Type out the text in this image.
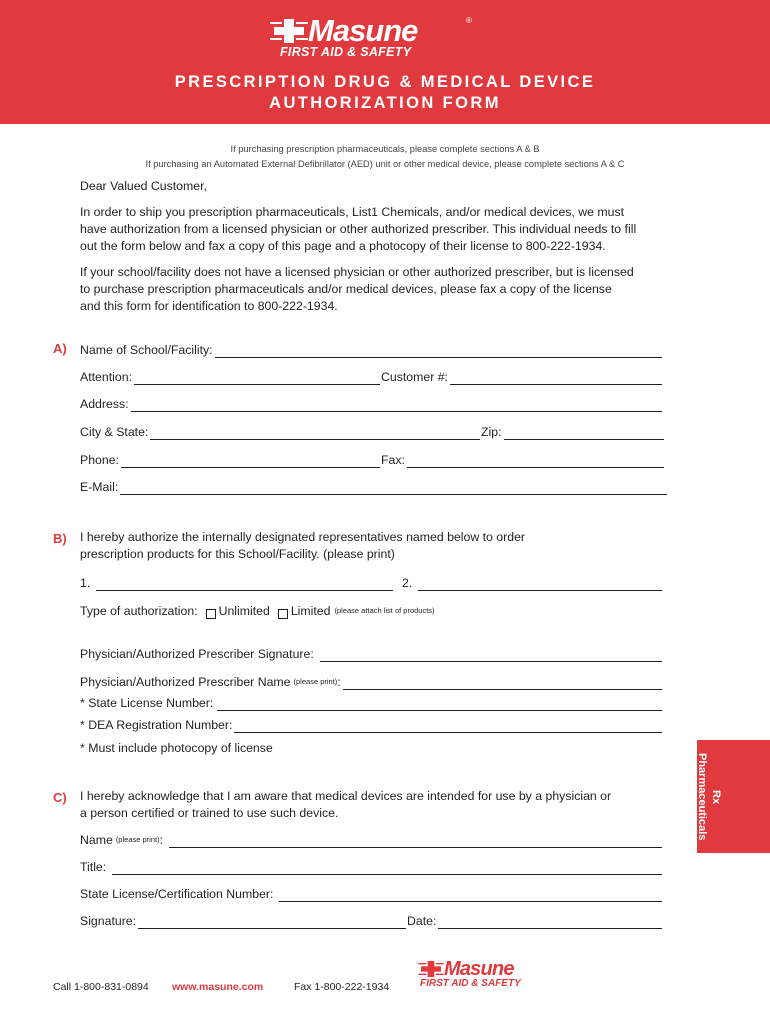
Masune	®
FIRST AID & SAFETY
PRESCRIPTION DRUG & MEDICAL DEVICE
AUTHORIZATION FORM
If purchasing prescription pharmaceuticals, please complete sections A & B
If purchasing an Automated External Defibrillator (AED) unit or other medical device, please complete sections A & C
Dear Valued Customer,
In order to ship you prescription pharmaceuticals, List1 Chemicals, and/or medical devices, we must
have authorization from a licensed physician or other authorized prescriber. This individual needs to fill
out the form below and fax a copy of this page and a photocopy of their license to 800-222-1934.
If your school/facility does not have a licensed physician or other authorized prescriber, but is licensed
to purchase prescription pharmaceuticals and/or medical devices, please fax a copy of the license
and this form for identification to 800-222-1934.
A) Name of School/Facility:
Attention:	Customer #:
Address:
City & State:	Zip:
Phone:	Fax:
E-Mail:
B) I hereby authorize the internally designated representatives named below to order
prescription products for this School/Facility. (please print)
1.	2.
Type of authorization: Unlimited Limited (please attach list of products)
Physician/Authorized Prescriber Signature:
Physician/Authorized Prescriber Name (please print) :
* State License Number:
* DEA Registration Number:
* Must include photocopy of license
Rx Pharmaceuticals
C) I hereby acknowledge that I am aware that medical devices are intended for use by a physician or
a person certified or trained to use such device.
Name (please print) :
Title:
State License/Certification Number:
Signature:	Date:
Call 1-800-831-0894 www.masune.com	Fax 1-800-222-1934
Masune
FIRST AID & SAFETY
